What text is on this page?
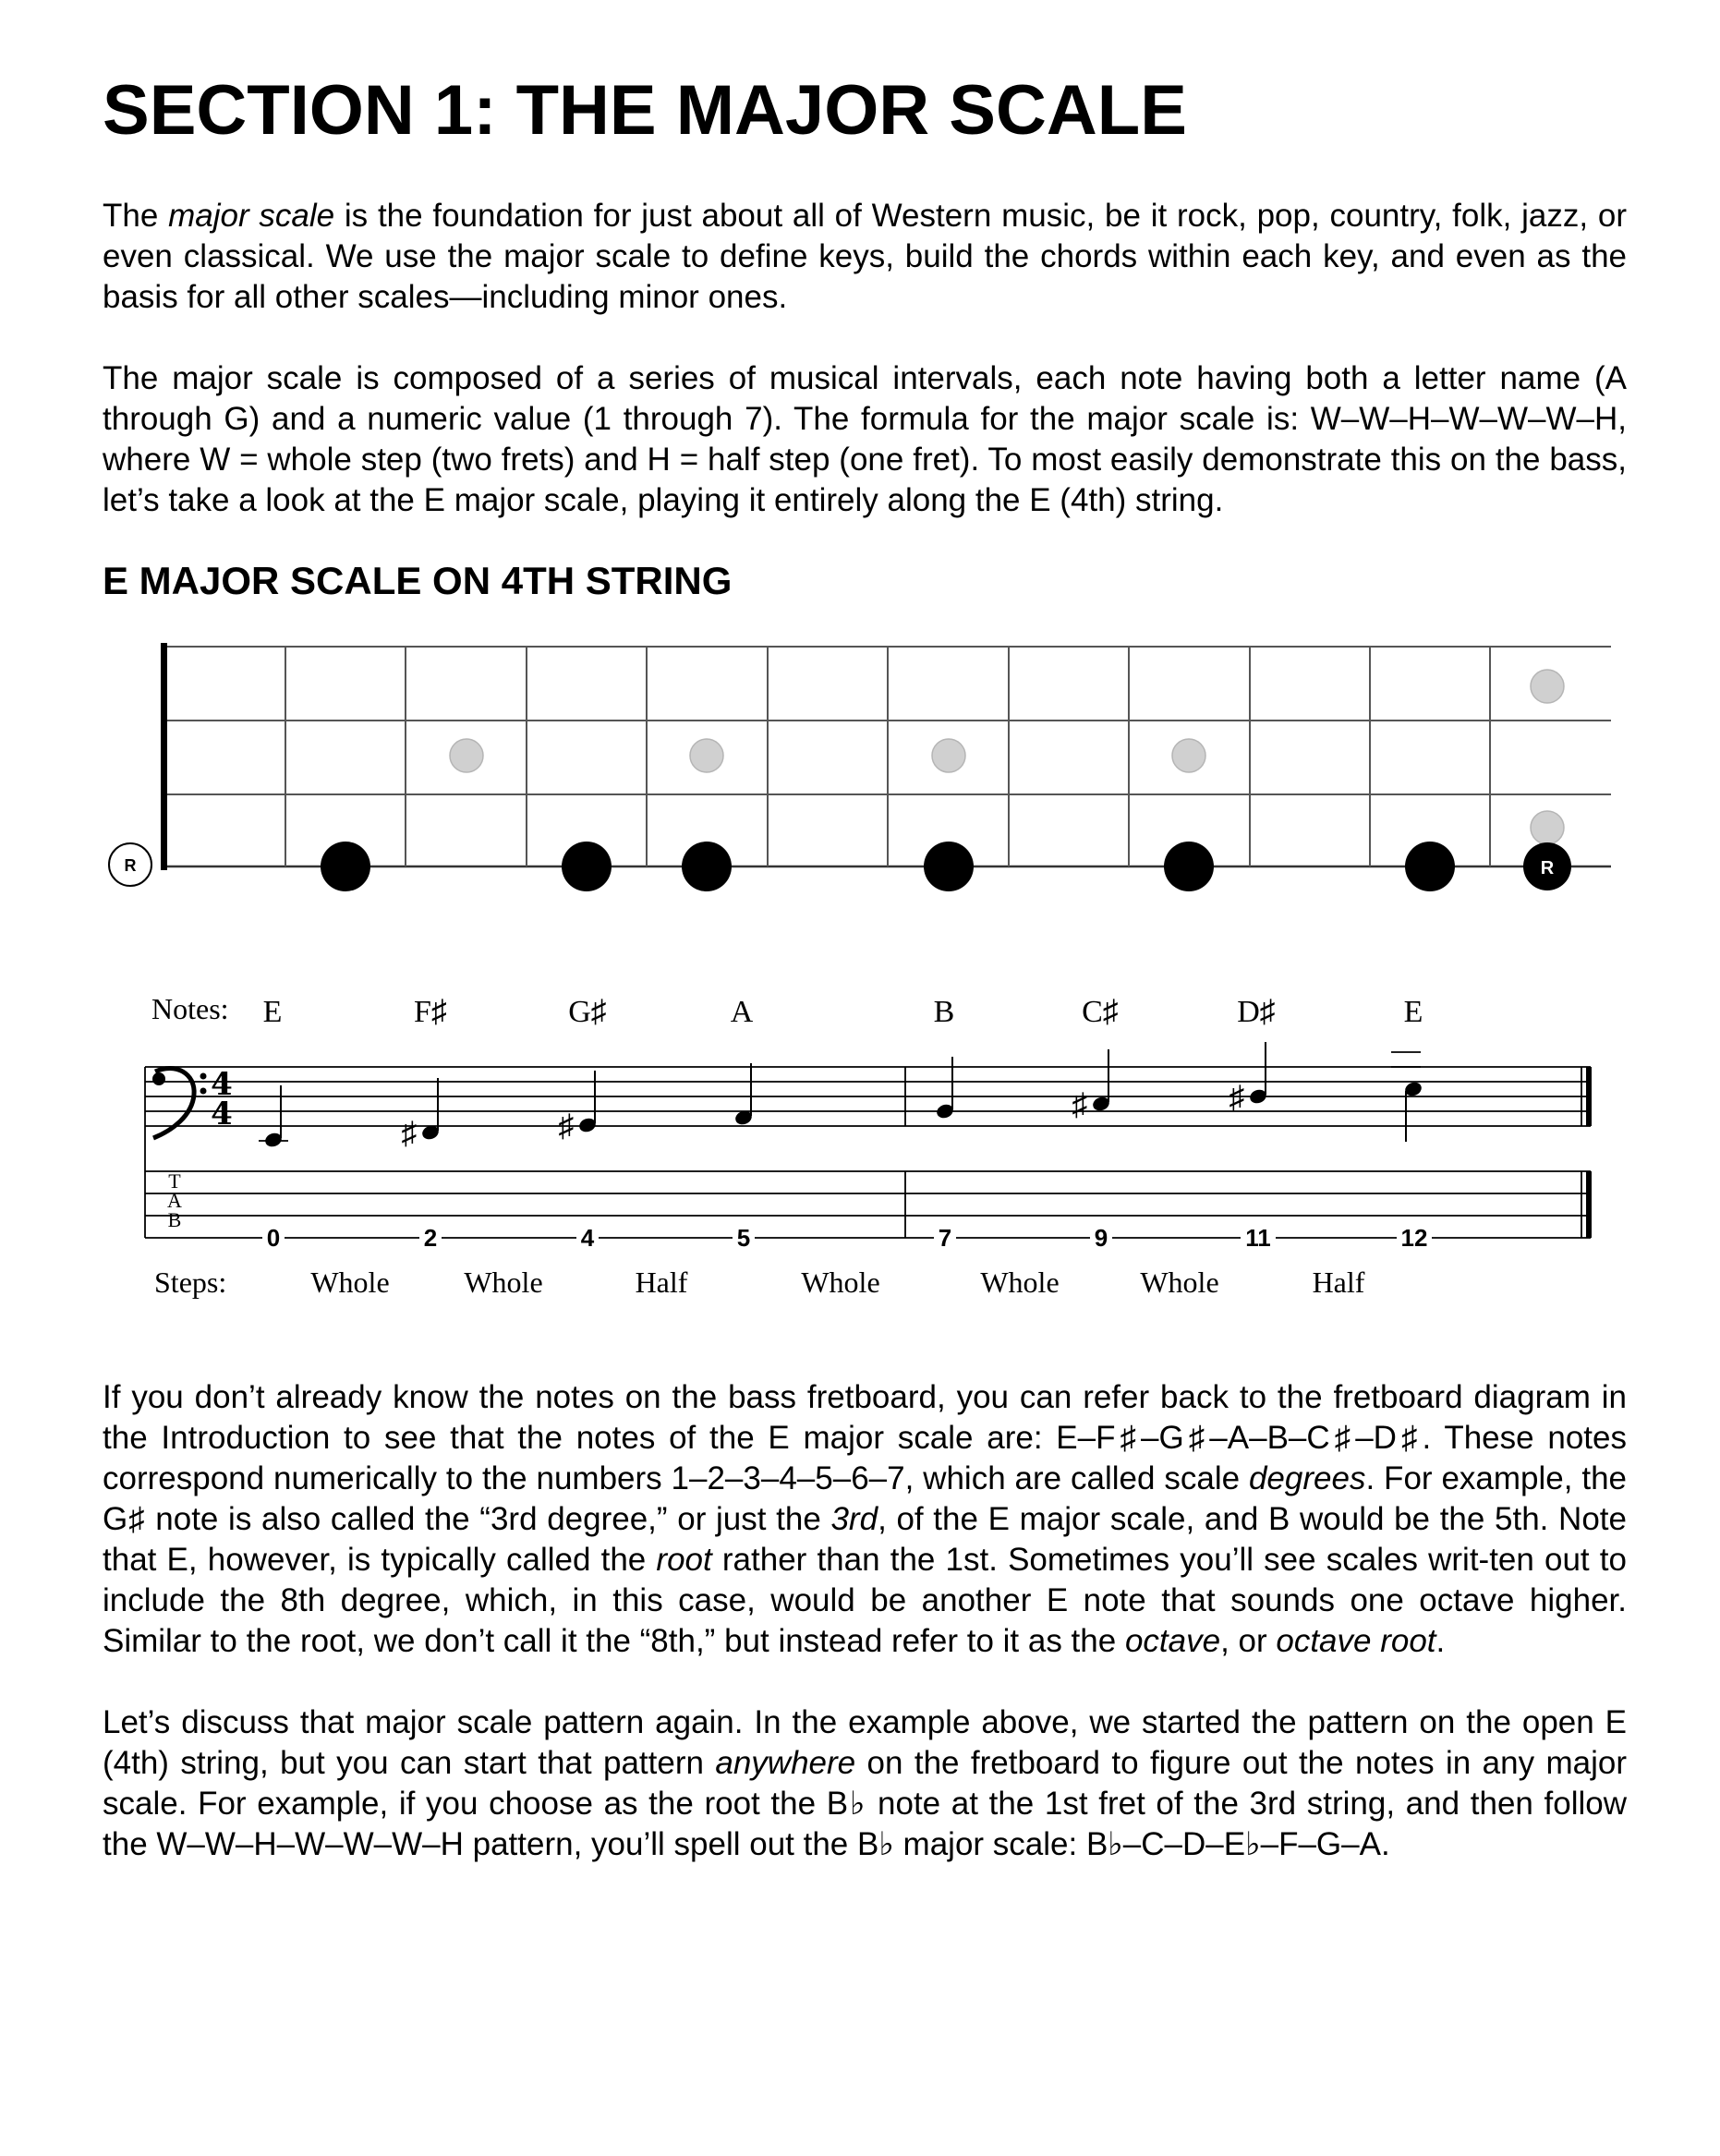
SECTION 1: THE MAJOR SCALE

The major scale is the foundation for just about all of Western music, be it rock, pop, country, folk, jazz, or even classical. We use the major scale to define keys, build the chords within each key, and even as the basis for all other scales—including minor ones.

The major scale is composed of a series of musical intervals, each note having both a letter name (A through G) and a numeric value (1 through 7). The formula for the major scale is: W–W–H–W–W–W–H, where W = whole step (two frets) and H = half step (one fret). To most easily demonstrate this on the bass, let’s take a look at the E major scale, playing it entirely along the E (4th) string.

E MAJOR SCALE ON 4TH STRING
R	R
Notes: E	F♯	G♯	A	B	C♯	D♯	E
4
4
♯	♯
♯	♯
T
A
B
0	2	4	5	7	9	11	12
Steps:	Whole	Whole	Half	Whole	Whole	Whole	Half

If you don’t already know the notes on the bass fretboard, you can refer back to the fretboard diagram in the Introduction to see that the notes of the E major scale are: E–F♯–G♯–A–B–C♯–D♯. These notes correspond numerically to the numbers 1–2–3–4–5–6–7, which are called scale degrees. For example, the G♯ note is also called the “3rd degree,” or just the 3rd, of the E major scale, and B would be the 5th. Note that E, however, is typically called the root rather than the 1st. Sometimes you’ll see scales writ-ten out to include the 8th degree, which, in this case, would be another E note that sounds one octave higher. Similar to the root, we don’t call it the “8th,” but instead refer to it as the octave, or octave root.

Let’s discuss that major scale pattern again. In the example above, we started the pattern on the open E (4th) string, but you can start that pattern anywhere on the fretboard to figure out the notes in any major scale. For example, if you choose as the root the B♭ note at the 1st fret of the 3rd string, and then follow the W–W–H–W–W–W–H pattern, you’ll spell out the B♭ major scale: B♭–C–D–E♭–F–G–A.
